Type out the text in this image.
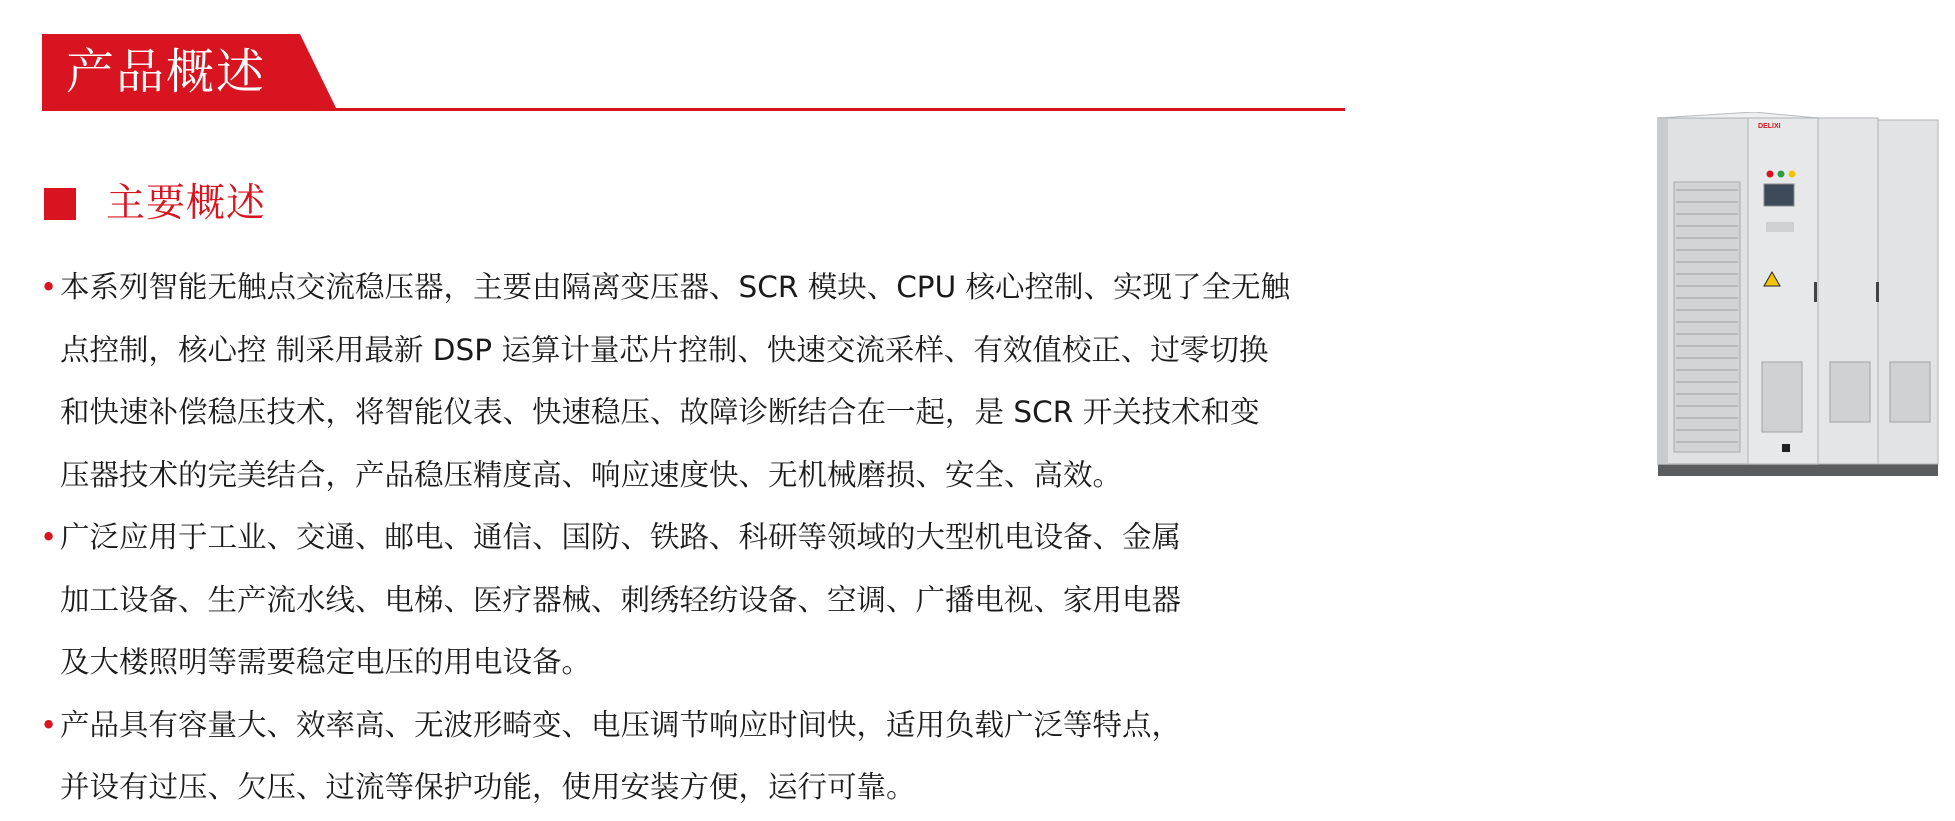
产品概述
主要概述
• 本系列智能无触点交流稳压器，主要由隔离变压器、SCR 模块、CPU 核心控制、实现了全无触
点控制，核心控 制采用最新 DSP 运算计量芯片控制、快速交流采样、有效值校正、过零切换
和快速补偿稳压技术，将智能仪表、快速稳压、故障诊断结合在一起，是 SCR 开关技术和变
压器技术的完美结合，产品稳压精度高、响应速度快、无机械磨损、安全、高效。
• 广泛应用于工业、交通、邮电、通信、国防、铁路、科研等领域的大型机电设备、金属
加工设备、生产流水线、电梯、医疗器械、刺绣轻纺设备、空调、广播电视、家用电器
及大楼照明等需要稳定电压的用电设备。
• 产品具有容量大、效率高、无波形畸变、电压调节响应时间快，适用负载广泛等特点，
并设有过压、欠压、过流等保护功能，使用安装方便，运行可靠。
DELIXI
